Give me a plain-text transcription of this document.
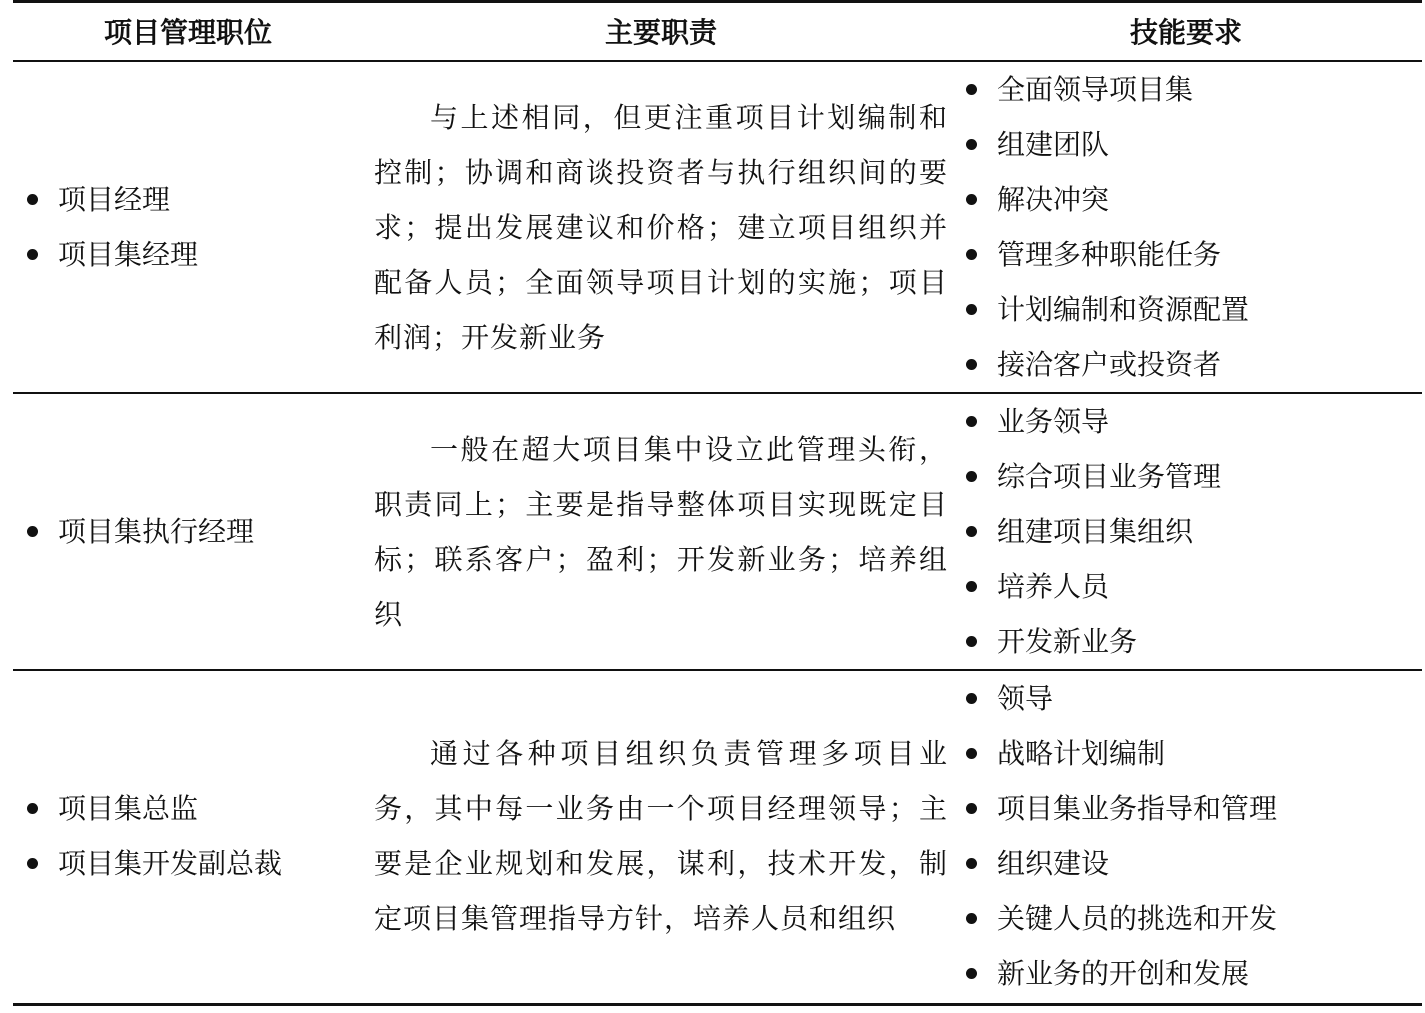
项目管理职位	主要职责	技能要求
项目经理
项目集经理
与上述相同，但更注重项目计划编制和控制；协调和商谈投资者与执行组织间的要求；提出发展建议和价格；建立项目组织并配备人员；全面领导项目计划的实施；项目利润；开发新业务
全面领导项目集
组建团队
解决冲突
管理多种职能任务
计划编制和资源配置
接洽客户或投资者
项目集执行经理
一般在超大项目集中设立此管理头衔，职责同上；主要是指导整体项目实现既定目标；联系客户；盈利；开发新业务；培养组织
业务领导
综合项目业务管理
组建项目集组织
培养人员
开发新业务
项目集总监
项目集开发副总裁
通过各种项目组织负责管理多项目业务，其中每一业务由一个项目经理领导；主要是企业规划和发展，谋利，技术开发，制定项目集管理指导方针，培养人员和组织
领导
战略计划编制
项目集业务指导和管理
组织建设
关键人员的挑选和开发
新业务的开创和发展
